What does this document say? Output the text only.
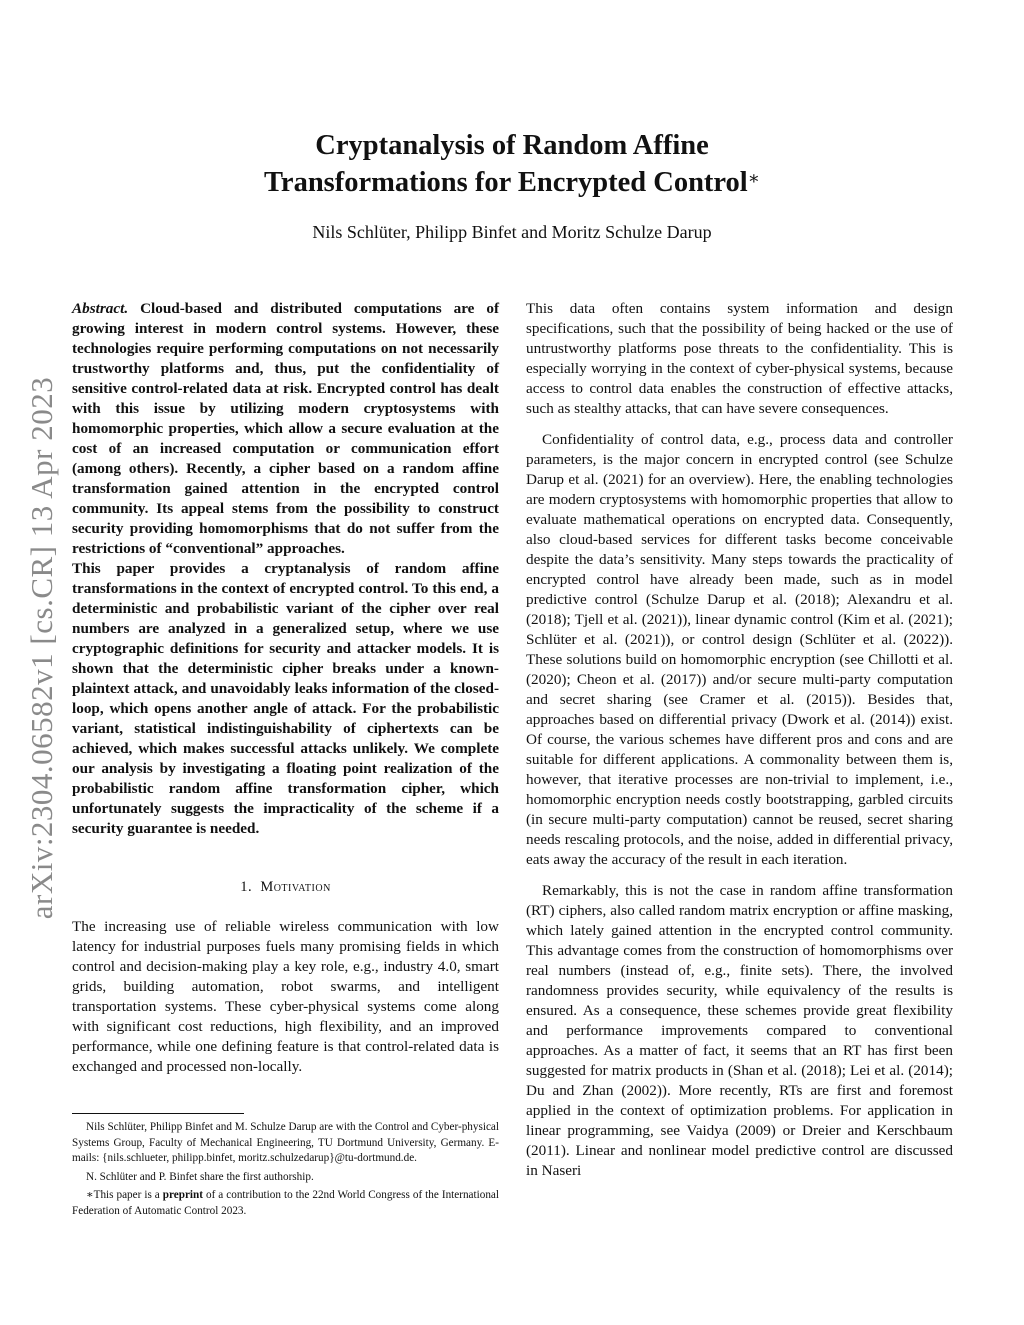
arXiv:2304.06582v1 [cs.CR] 13 Apr 2023
Cryptanalysis of Random Affine
Transformations for Encrypted Control∗
Nils Schlüter, Philipp Binfet and Moritz Schulze Darup

Abstract. Cloud-based and distributed computations are of growing interest in modern control systems. However, these technologies require performing computations on not necessarily trustworthy platforms and, thus, put the confidentiality of sensitive control-related data at risk. Encrypted control has dealt with this issue by utilizing modern cryptosystems with homomorphic properties, which allow a secure evaluation at the cost of an increased computation or communication effort (among others). Recently, a cipher based on a random affine transformation gained attention in the encrypted control community. Its appeal stems from the possibility to construct security providing homomorphisms that do not suffer from the restrictions of “conventional” approaches.

This paper provides a cryptanalysis of random affine transformations in the context of encrypted control. To this end, a deterministic and probabilistic variant of the cipher over real numbers are analyzed in a generalized setup, where we use cryptographic definitions for security and attacker models. It is shown that the deterministic cipher breaks under a known-plaintext attack, and unavoidably leaks information of the closed-loop, which opens another angle of attack. For the probabilistic variant, statistical indistinguishability of ciphertexts can be achieved, which makes successful attacks unlikely. We complete our analysis by investigating a floating point realization of the probabilistic random affine transformation cipher, which unfortunately suggests the impracticality of the scheme if a security guarantee is needed.

1. Motivation

The increasing use of reliable wireless communication with low latency for industrial purposes fuels many promising fields in which control and decision-making play a key role, e.g., industry 4.0, smart grids, building automation, robot swarms, and intelligent transportation systems. These cyber-physical systems come along with significant cost reductions, high flexibility, and an improved performance, while one defining feature is that control-related data is exchanged and processed non-locally.

Nils Schlüter, Philipp Binfet and M. Schulze Darup are with the Control and Cyber-physical Systems Group, Faculty of Mechanical Engineering, TU Dortmund University, Germany. E-mails: {nils.schlueter, philipp.binfet, moritz.schulzedarup}@tu-dortmund.de.

N. Schlüter and P. Binfet share the first authorship.

∗This paper is a preprint of a contribution to the 22nd World Congress of the International Federation of Automatic Control 2023.

This data often contains system information and design specifications, such that the possibility of being hacked or the use of untrustworthy platforms pose threats to the confidentiality. This is especially worrying in the context of cyber-physical systems, because access to control data enables the construction of effective attacks, such as stealthy attacks, that can have severe consequences.

Confidentiality of control data, e.g., process data and controller parameters, is the major concern in encrypted control (see Schulze Darup et al. (2021) for an overview). Here, the enabling technologies are modern cryptosystems with homomorphic properties that allow to evaluate mathematical operations on encrypted data. Consequently, also cloud-based services for different tasks become conceivable despite the data’s sensitivity. Many steps towards the practicality of encrypted control have already been made, such as in model predictive control (Schulze Darup et al. (2018); Alexandru et al. (2018); Tjell et al. (2021)), linear dynamic control (Kim et al. (2021); Schlüter et al. (2021)), or control design (Schlüter et al. (2022)). These solutions build on homomorphic encryption (see Chillotti et al. (2020); Cheon et al. (2017)) and/or secure multi-party computation and secret sharing (see Cramer et al. (2015)). Besides that, approaches based on differential privacy (Dwork et al. (2014)) exist. Of course, the various schemes have different pros and cons and are suitable for different applications. A commonality between them is, however, that iterative processes are non-trivial to implement, i.e., homomorphic encryption needs costly bootstrapping, garbled circuits (in secure multi-party computation) cannot be reused, secret sharing needs rescaling protocols, and the noise, added in differential privacy, eats away the accuracy of the result in each iteration.

Remarkably, this is not the case in random affine transformation (RT) ciphers, also called random matrix encryption or affine masking, which lately gained attention in the encrypted control community. This advantage comes from the construction of homomorphisms over real numbers (instead of, e.g., finite sets). There, the involved randomness provides security, while equivalency of the results is ensured. As a consequence, these schemes provide great flexibility and performance improvements compared to conventional approaches. As a matter of fact, it seems that an RT has first been suggested for matrix products in (Shan et al. (2018); Lei et al. (2014); Du and Zhan (2002)). More recently, RTs are first and foremost applied in the context of optimization problems. For application in linear programming, see Vaidya (2009) or Dreier and Kerschbaum (2011). Linear and nonlinear model predictive control are discussed in Naseri
